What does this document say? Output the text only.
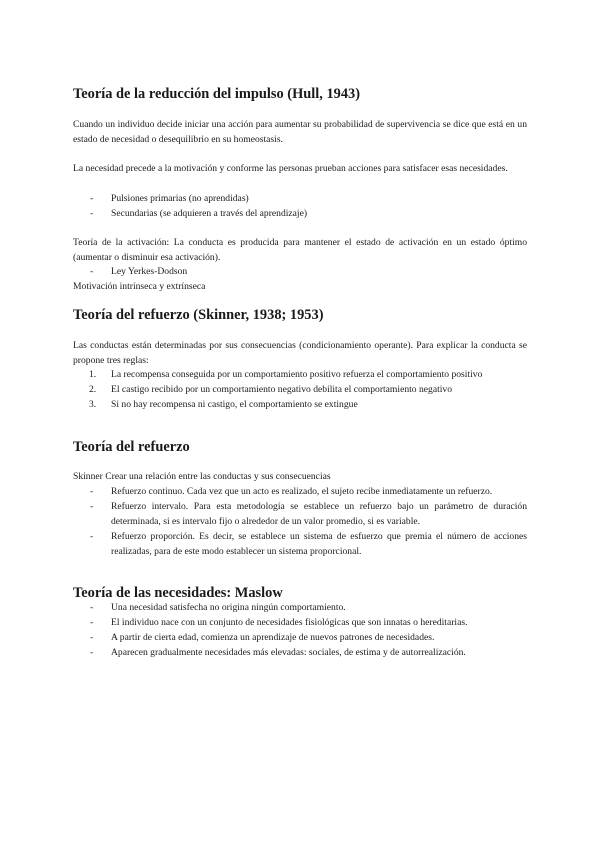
Teoría de la reducción del impulso (Hull, 1943)

Cuando un individuo decide iniciar una acción para aumentar su probabilidad de supervivencia se dice que está en un estado de necesidad o desequilibrio en su homeostasis.

La necesidad precede a la motivación y conforme las personas prueban acciones para satisfacer esas necesidades.

- Pulsiones primarias (no aprendidas)
- Secundarias (se adquieren a través del aprendizaje)

Teoría de la activación: La conducta es producida para mantener el estado de activación en un estado óptimo (aumentar o disminuir esa activación).

- Ley Yerkes-Dodson

Motivación intrínseca y extrínseca

Teoría del refuerzo (Skinner, 1938; 1953)

Las conductas están determinadas por sus consecuencias (condicionamiento operante). Para explicar la conducta se propone tres reglas:

1. La recompensa conseguida por un comportamiento positivo refuerza el comportamiento positivo
2. El castigo recibido por un comportamiento negativo debilita el comportamiento negativo
3. Si no hay recompensa ni castigo, el comportamiento se extingue
Teoría del refuerzo

Skinner Crear una relación entre las conductas y sus consecuencias

- Refuerzo continuo. Cada vez que un acto es realizado, el sujeto recibe inmediatamente un refuerzo.
- Refuerzo intervalo. Para esta metodología se establece un refuerzo bajo un parámetro de duración determinada, si es intervalo fijo o alrededor de un valor promedio, si es variable.
- Refuerzo proporción. Es decir, se establece un sistema de esfuerzo que premia el número de acciones realizadas, para de este modo establecer un sistema proporcional.
Teoría de las necesidades: Maslow
- Una necesidad satisfecha no origina ningún comportamiento.
- El individuo nace con un conjunto de necesidades fisiológicas que son innatas o hereditarias.
- A partir de cierta edad, comienza un aprendizaje de nuevos patrones de necesidades.
- Aparecen gradualmente necesidades más elevadas: sociales, de estima y de autorrealización.
